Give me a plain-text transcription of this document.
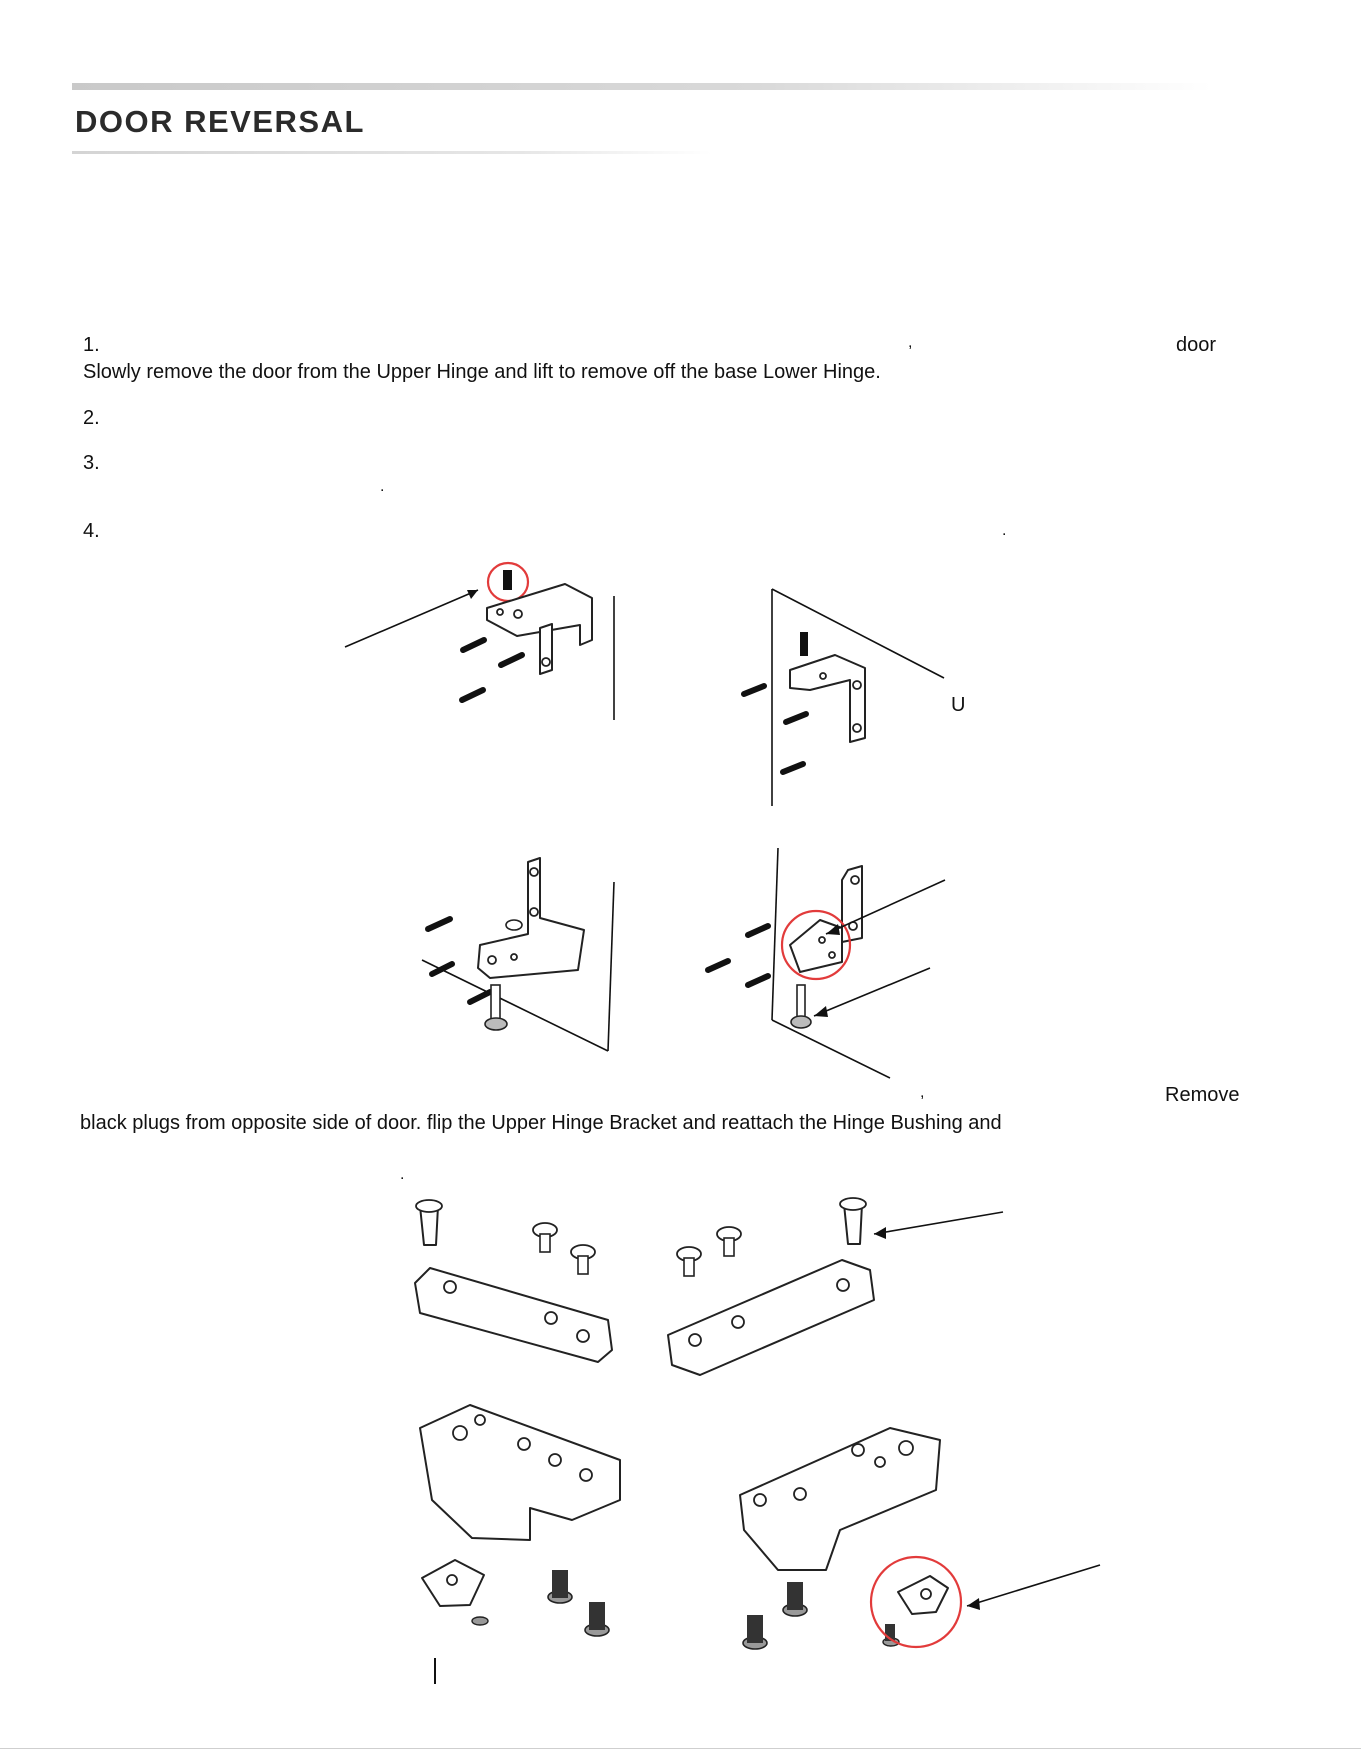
DOOR REVERSAL
1.	,	door
Slowly remove the door from the Upper Hinge and lift to remove off the base Lower Hinge.
2.
3.
.
4.	.
U
,	Remove
black plugs from opposite side of door. flip the Upper Hinge Bracket and reattach the Hinge Bushing and
.
